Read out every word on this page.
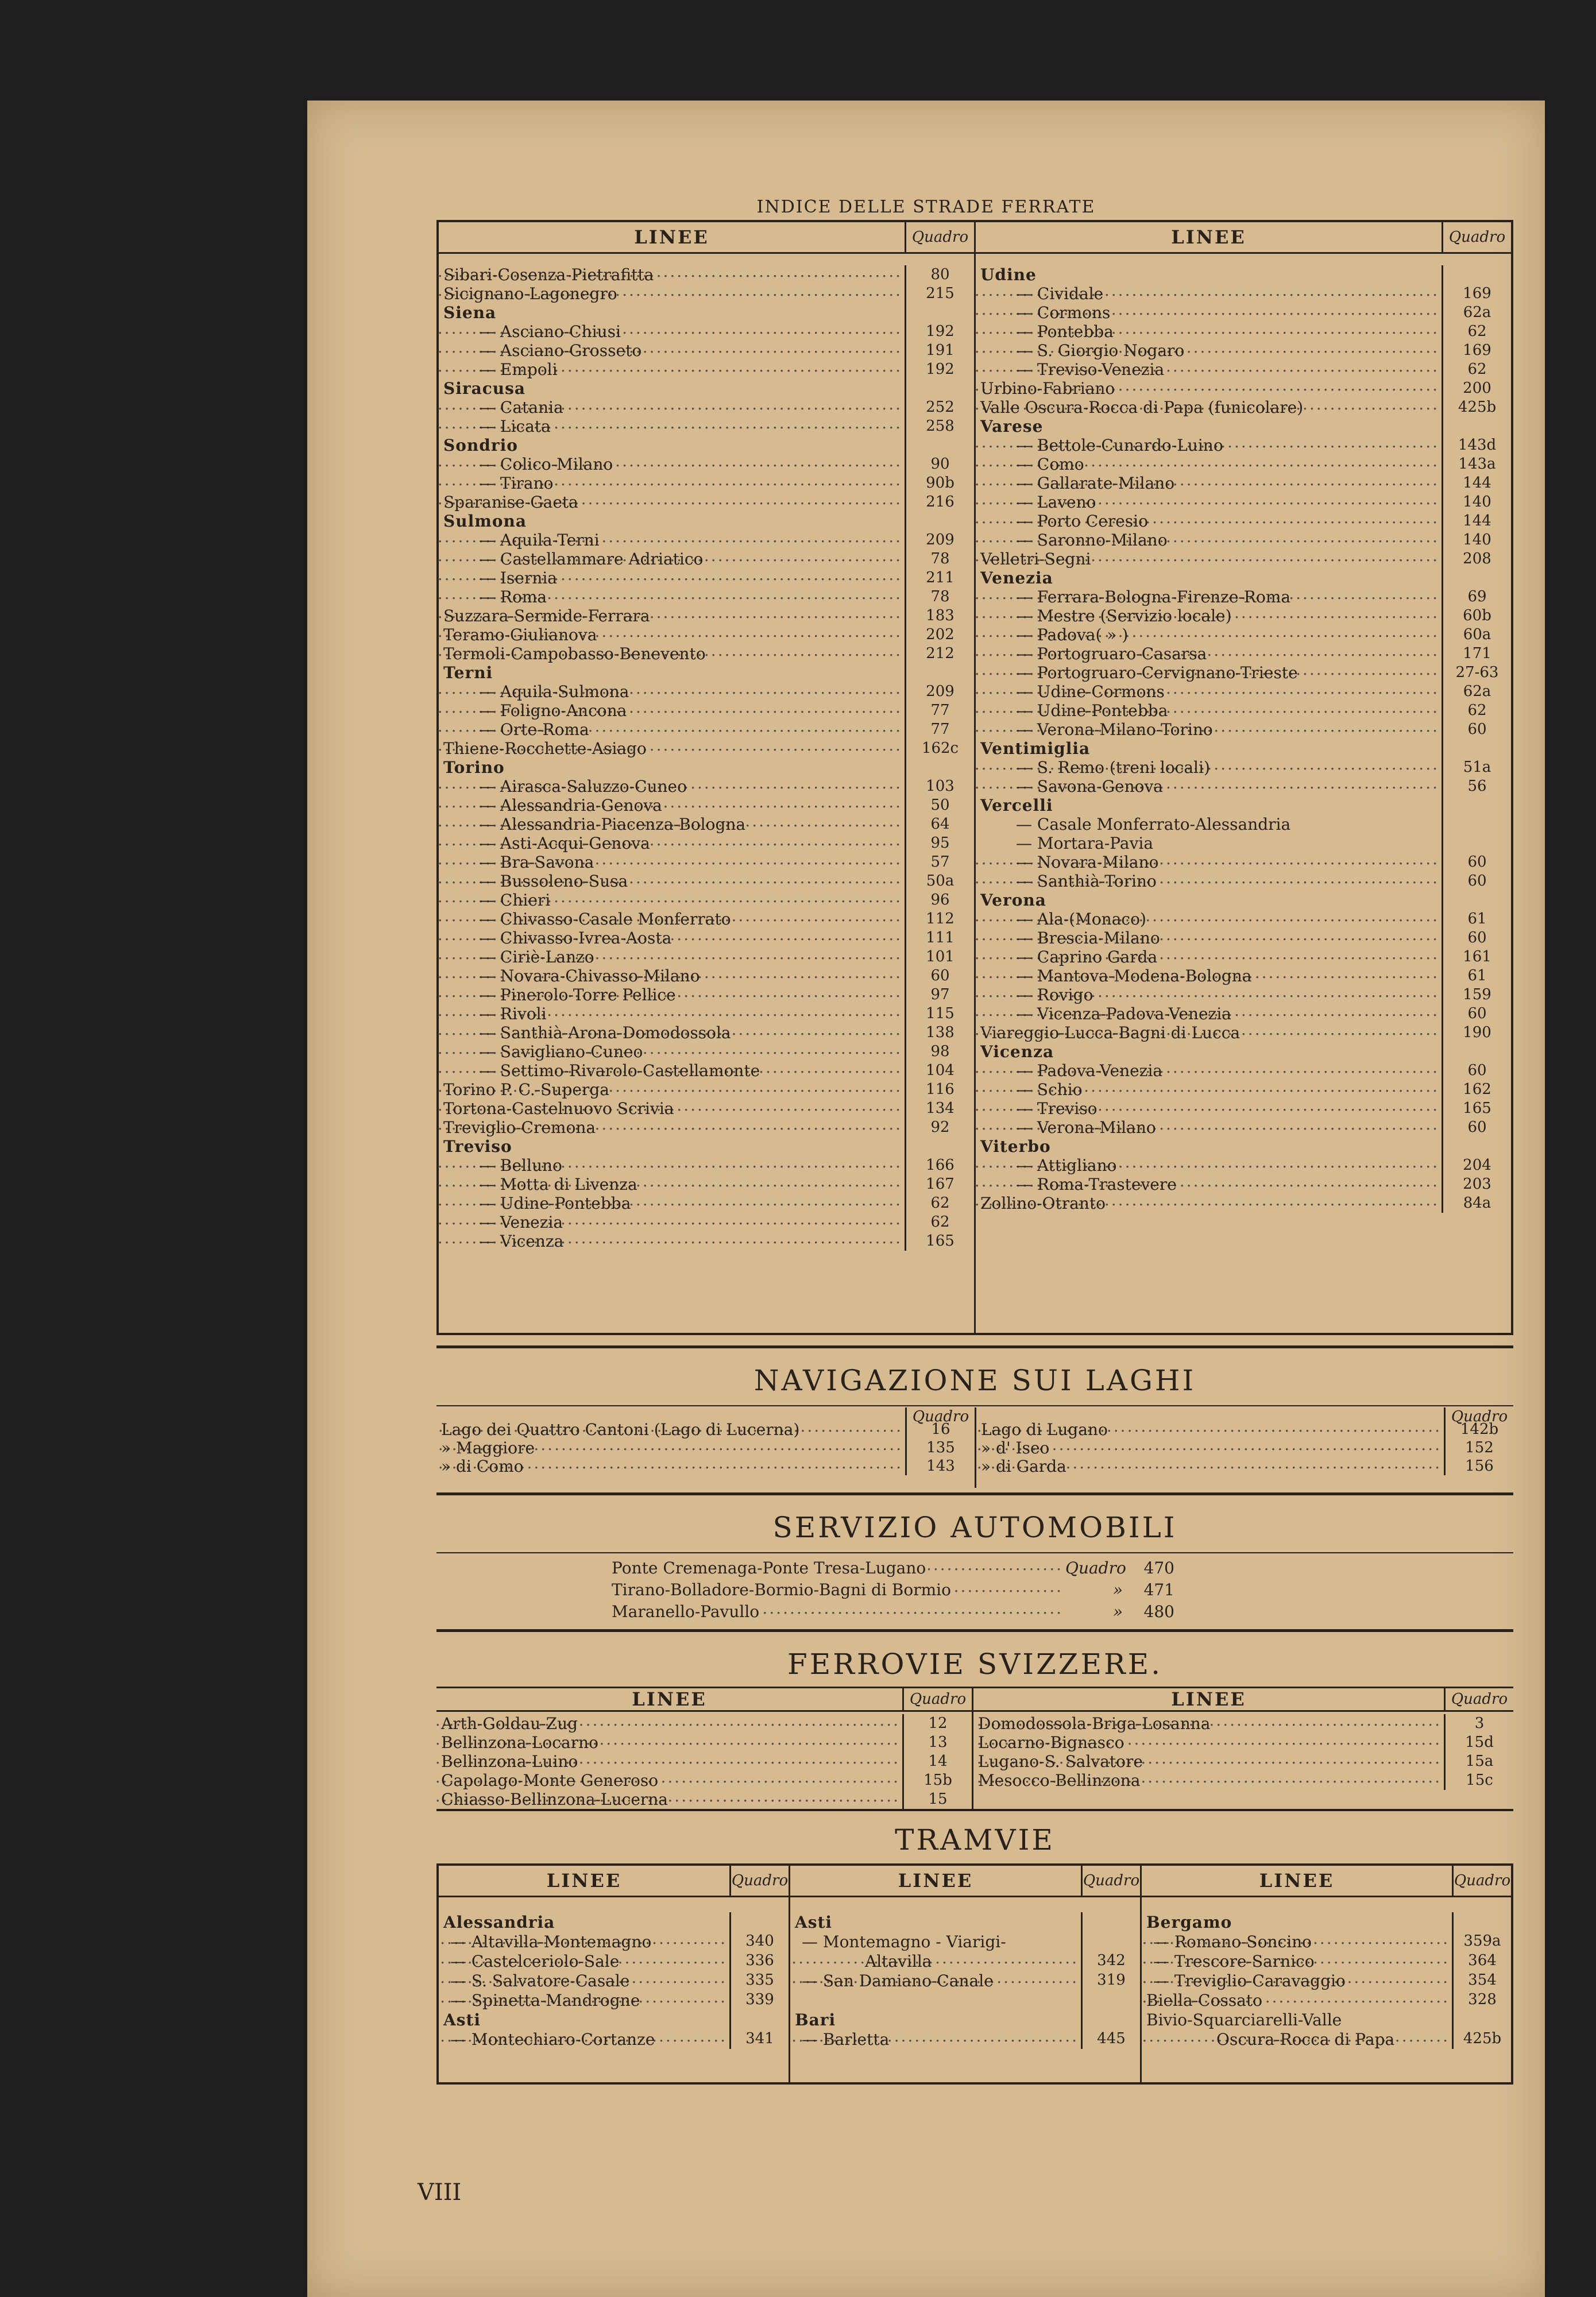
INDICE DELLE STRADE FERRATE
LINEE	Quadro
Sibari-Cosenza-Pietrafitta .....	80
Sicignano-Lagonegro .....	215
Siena
— Asciano-Chiusi .....	192
— Asciano-Grosseto .....	191
— Empoli .....	192
Siracusa
— Catania .....	252
— Licata .....	258
Sondrio
— Colico-Milano .....	90
— Tirano .....	90b
Sparanise-Gaeta .....	216
Sulmona
— Aquila-Terni .....	209
— Castellammare Adriatico .....	78
— Isernia .....	211
— Roma .....	78
Suzzara-Sermide-Ferrara .....	183
Teramo-Giulianova .....	202
Termoli-Campobasso-Benevento .....	212
Terni
— Aquila-Sulmona .....	209
— Foligno-Ancona .....	77
— Orte-Roma .....	77
Thiene-Rocchette-Asiago .....	162c
Torino
— Airasca-Saluzzo-Cuneo .....	103
— Alessandria-Genova .....	50
— Alessandria-Piacenza-Bologna .....	64
— Asti-Acqui-Genova .....	95
— Bra-Savona .....	57
— Bussoleno-Susa .....	50a
— Chieri .....	96
— Chivasso-Casale Monferrato .....	112
— Chivasso-Ivrea-Aosta .....	111
— Ciriè-Lanzo .....	101
— Novara-Chivasso-Milano .....	60
— Pinerolo-Torre Pellice .....	97
— Rivoli .....	115
— Santhià-Arona-Domodossola .....	138
— Savigliano-Cuneo .....	98
— Settimo-Rivarolo-Castellamonte .....	104
Torino P. C.-Superga .....	116
Tortona-Castelnuovo Scrivia .....	134
Treviglio-Cremona .....	92
Treviso
— Belluno .....	166
— Motta di Livenza .....	167
— Udine-Pontebba .....	62
— Venezia .....	62
— Vicenza .....	165
LINEE	Quadro
Udine
— Cividale .....	169
— Cormons .....	62a
— Pontebba .....	62
— S. Giorgio Nogaro .....	169
— Treviso-Venezia .....	62
Urbino-Fabriano .....	200
Valle Oscura-Rocca di Papa (funicolare) .....	425b
Varese
— Bettole-Cunardo-Luino .....	143d
— Como .....	143a
— Gallarate-Milano .....	144
— Laveno .....	140
— Porto Ceresio .....	144
— Saronno-Milano .....	140
Velletri-Segni .....	208
Venezia
— Ferrara-Bologna-Firenze-Roma .....	69
— Mestre (Servizio locale) .....	60b
— Padova( » ) .....	60a
— Portogruaro-Casarsa .....	171
— Portogruaro-Cervignano-Trieste .....	27-63
— Udine-Cormons .....	62a
— Udine-Pontebba .....	62
— Verona-Milano-Torino .....	60
Ventimiglia
— S. Remo (treni locali) .....	51a
— Savona-Genova .....	56
Vercelli
— Casale Monferrato-Alessandria
— Mortara-Pavia
— Novara-Milano .....	60
— Santhià-Torino .....	60
Verona
— Ala-(Monaco) .....	61
— Brescia-Milano .....	60
— Caprino Garda .....	161
— Mantova-Modena-Bologna .....	61
— Rovigo .....	159
— Vicenza-Padova-Venezia .....	60
Viareggio-Lucca-Bagni di Lucca .....	190
Vicenza
— Padova-Venezia .....	60
— Schio .....	162
— Treviso .....	165
— Verona-Milano .....	60
Viterbo
— Attigliano .....	204
— Roma-Trastevere .....	203
Zollino-Otranto .....	84a
NAVIGAZIONE SUI LAGHI
Quadro
Lago dei Quattro Cantoni (Lago di Lucerna) .....	16
» Maggiore .....	135
» di Como .....	143
Quadro
Lago di Lugano .....	142b
» d' Iseo .....	152
» di Garda .....	156
SERVIZIO AUTOMOBILI
Ponte Cremenaga-Ponte Tresa-Lugano .....	Quadro	470
Tirano-Bolladore-Bormio-Bagni di Bormio .....	»	471
Maranello-Pavullo .....	»	480
FERROVIE SVIZZERE.
LINEE	Quadro
Arth-Goldau-Zug .....	12
Bellinzona-Locarno .....	13
Bellinzona-Luino .....	14
Capolago-Monte Generoso .....	15b
Chiasso-Bellinzona-Lucerna .....	15
LINEE	Quadro
Domodossola-Briga-Losanna .....	3
Locarno-Bignasco .....	15d
Lugano-S. Salvatore .....	15a
Mesocco-Bellinzona .....	15c
TRAMVIE
LINEE	Quadro
Alessandria
— Altavilla-Montemagno .....	340
— Castelceriolo-Sale .....	336
— S. Salvatore-Casale .....	335
— Spinetta-Mandrogne .....	339
Asti
— Montechiaro-Cortanze .....	341
LINEE	Quadro
Asti
— Montemagno - Viarigi-
Altavilla .....	342
— San Damiano-Canale .....	319
Bari
— Barletta .....	445
LINEE	Quadro
Bergamo
— Romano-Soncino .....	359a
— Trescore-Sarnico .....	364
— Treviglio-Caravaggio .....	354
Biella-Cossato .....	328
Bivio-Squarciarelli-Valle
Oscura-Rocca di Papa .....	425b
VIII
